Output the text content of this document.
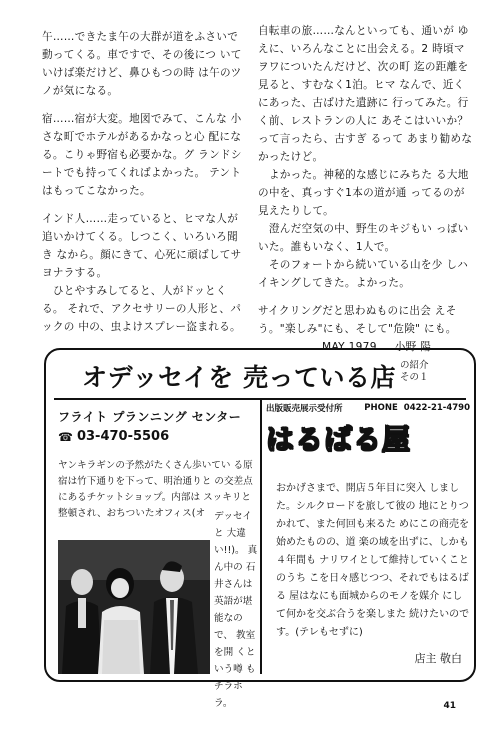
午……できたま午の大群が道をふさいで動ってくる。車ですで、その後につ いていけば楽だけど、鼻ひもつの時 は午のツノが気になる。

宿……宿が大変。地図でみて、こんな 小さな町でホテルがあるかなっと心 配になる。こりゃ野宿も必要かな。グ ランドシートでも持ってくればよかった。 テントはもってこなかった。

インド人……走っていると、ヒマな人が 追いかけてくる。しつこく、いろいろ聞き なから。顔にきて、心死に頑ばしてサ ヨナラする。
　ひとやすみしてると、人がドッとくる。 それで、アクセサリーの人形と、パックの 中の、虫よけスプレー盗まれる。

自転車の旅……なんといっても、通いが ゆえに、いろんなことに出会える。2 時頃マヲワについたんだけど、次の町 迄の距離を見ると、すむなく1泊。ヒマ なんで、近くにあった、古ばけた遺跡に 行ってみた。行く前、レストランの人に あそこはいいか？って言ったら、古すぎ るって あまり勧めなかったけど。
　よかった。神秘的な感じにみちた る大地の中を、真っすぐ1本の道が通 ってるのが見えたりして。
　澄んだ空気の中、野生のキジもい っぱいいた。誰もいなく、1人で。
　そのフォートから続いている山を少 しハイキングしてきた。よかった。

サイクリングだと思わぬものに出会 えそう。"楽しみ"にも、そして"危険" にも。

MAY 1979 小野 陽
オデッセイを 売っている店 の紹介
その１
フライト プランニング センター
☎ 03-470-5506
ヤンキラギンの予然がたくさん歩いてい る原宿は竹下通りを下って、明治通りと の交差点にあるチケットショップ。内部は スッキリと整頓され、おちついたオフィス(オ デッセイと 大違い!!)。 真ん中の 石井さんは 英語が堪 能なので、 教室を開 くという噂 もチラホラ。
出版販売展示受付所	PHONE 0422-21-4790
はるばる屋
おかげさまで、開店５年目に突入 しました。シルクロードを旅して彼の 地にとりつかれて、また何回も来るた めにこの商売を始めたものの、道 楽の域を出ずに、しかも４年間も ナリワイとして維持していくことのうち こを日々感じつつ、それでもはるばる 屋はなにも面城からのモノを媒介 にして何かを交ぶ合うを楽しまた 続けたいのです。(テレもセずに)
店主 敬白
41
